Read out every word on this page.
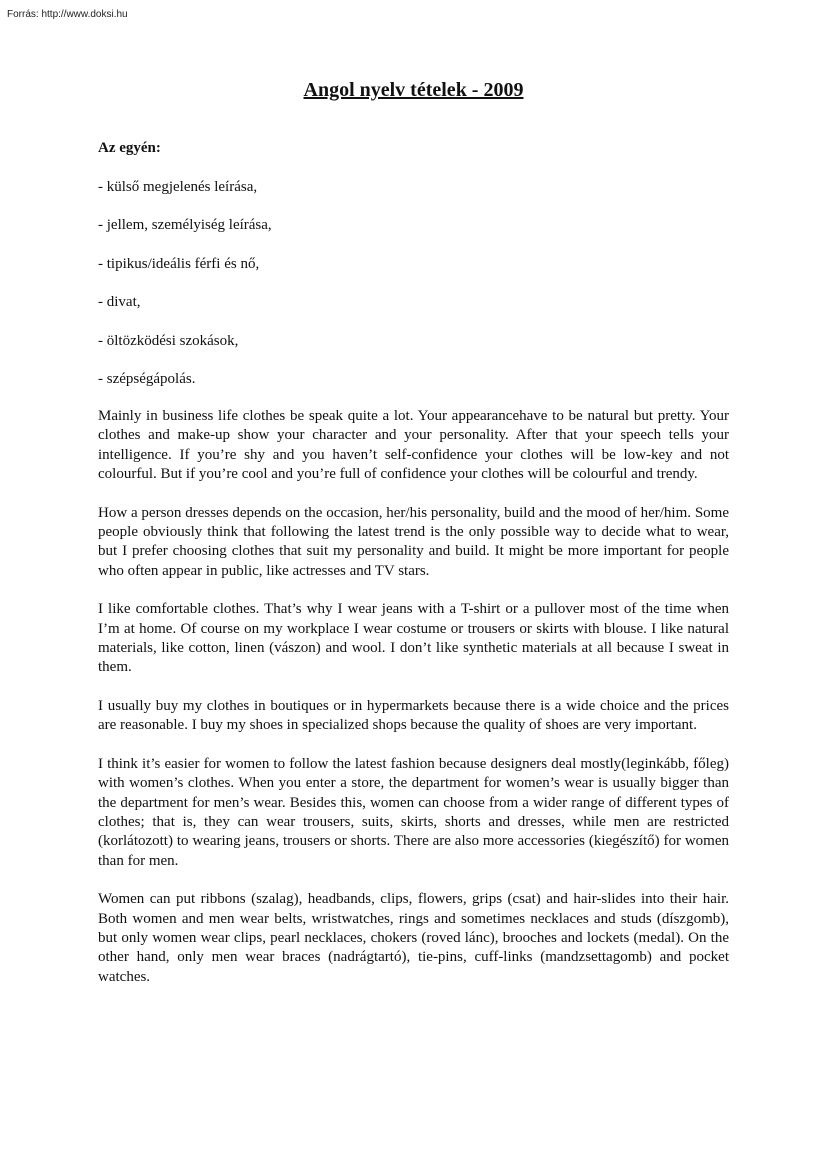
Forrás: http://www.doksi.hu

Angol nyelv tételek - 2009

Az egyén:

- külső megjelenés leírása,
- jellem, személyiség leírása,
- tipikus/ideális férfi és nő,
- divat,
- öltözködési szokások,
- szépségápolás.

Mainly in business life clothes be speak quite a lot. Your appearancehave to be natural but pretty. Your clothes and make-up show your character and your personality. After that your speech tells your intelligence. If you’re shy and you haven’t self-confidence your clothes will be low-key and not colourful. But if you’re cool and you’re full of confidence your clothes will be colourful and trendy.

How a person dresses depends on the occasion, her/his personality, build and the mood of her/him. Some people obviously think that following the latest trend is the only possible way to decide what to wear, but I prefer choosing clothes that suit my personality and build. It might be more important for people who often appear in public, like actresses and TV stars.

I like comfortable clothes. That’s why I wear jeans with a T-shirt or a pullover most of the time when I’m at home. Of course on my workplace I wear costume or trousers or skirts with blouse. I like natural materials, like cotton, linen (vászon) and wool. I don’t like synthetic materials at all because I sweat in them.

I usually buy my clothes in boutiques or in hypermarkets because there is a wide choice and the prices are reasonable. I buy my shoes in specialized shops because the quality of shoes are very important.

I think it’s easier for women to follow the latest fashion because designers deal mostly(leginkább, főleg) with women’s clothes. When you enter a store, the department for women’s wear is usually bigger than the department for men’s wear. Besides this, women can choose from a wider range of different types of clothes; that is, they can wear trousers, suits, skirts, shorts and dresses, while men are restricted (korlátozott) to wearing jeans, trousers or shorts. There are also more accessories (kiegészítő) for women than for men.

Women can put ribbons (szalag), headbands, clips, flowers, grips (csat) and hair-slides into their hair. Both women and men wear belts, wristwatches, rings and sometimes necklaces and studs (díszgomb), but only women wear clips, pearl necklaces, chokers (roved lánc), brooches and lockets (medal). On the other hand, only men wear braces (nadrágtartó), tie-pins, cuff-links (mandzsettagomb) and pocket watches.
